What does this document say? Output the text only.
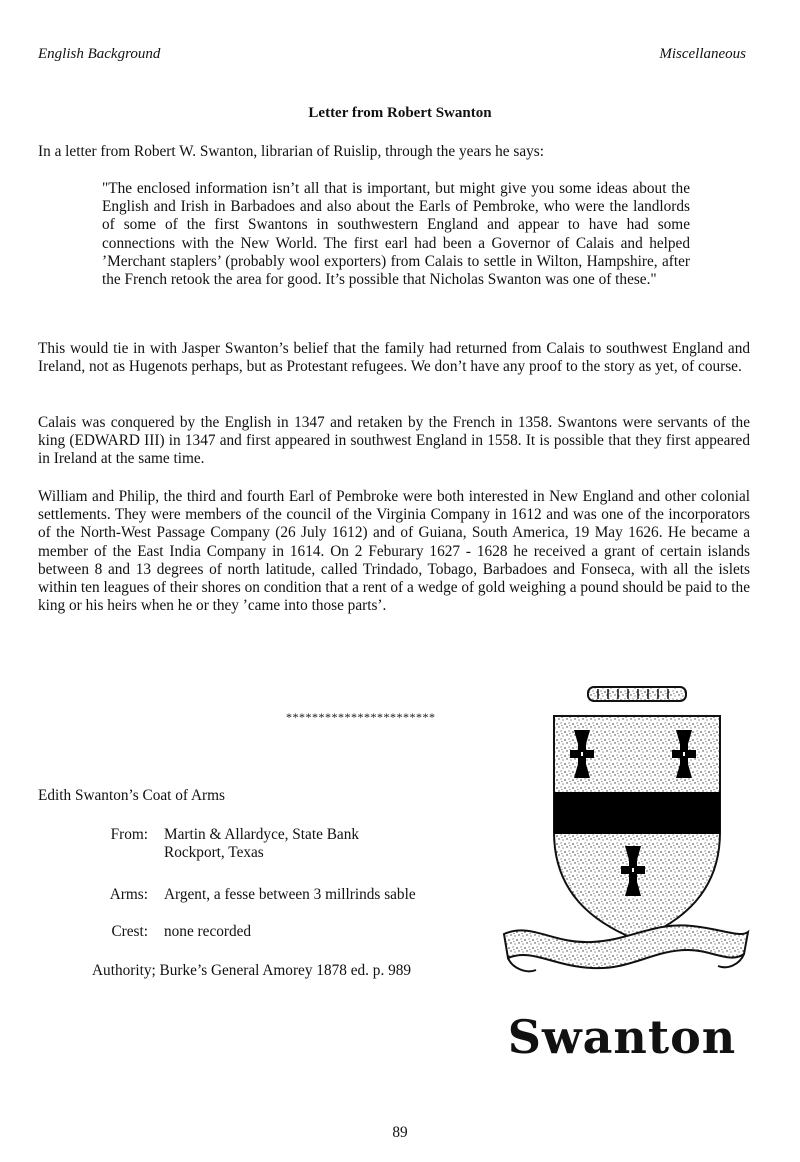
English Background	Miscellaneous
Letter from Robert Swanton
In a letter from Robert W. Swanton, librarian of Ruislip, through the years he says:
"The enclosed information isn’t all that is important, but might give you some ideas about the English and Irish in Barbadoes and also about the Earls of Pembroke, who were the landlords of some of the first Swantons in southwestern England and appear to have had some connections with the New World. The first earl had been a Governor of Calais and helped ’Merchant staplers’ (probably wool exporters) from Calais to settle in Wilton, Hampshire, after the French retook the area for good. It’s possible that Nicholas Swanton was one of these."
This would tie in with Jasper Swanton’s belief that the family had returned from Calais to southwest England and Ireland, not as Hugenots perhaps, but as Protestant refugees. We don’t have any proof to the story as yet, of course.
Calais was conquered by the English in 1347 and retaken by the French in 1358. Swantons were servants of the king (EDWARD III) in 1347 and first appeared in southwest England in 1558. It is possible that they first appeared in Ireland at the same time.
William and Philip, the third and fourth Earl of Pembroke were both interested in New England and other colonial settlements. They were members of the council of the Virginia Company in 1612 and was one of the incorporators of the North-West Passage Company (26 July 1612) and of Guiana, South America, 19 May 1626. He became a member of the East India Company in 1614. On 2 Feburary 1627 - 1628 he received a grant of certain islands between 8 and 13 degrees of north latitude, called Trindado, Tobago, Barbadoes and Fonseca, with all the islets within ten leagues of their shores on condition that a rent of a wedge of gold weighing a pound should be paid to the king or his heirs when he or they ’came into those parts’.
***********************
Edith Swanton’s Coat of Arms
From: Martin & Allardyce, State Bank
Rockport, Texas
Arms: Argent, a fesse between 3 millrinds sable
Crest: none recorded
Authority; Burke’s General Amorey 1878 ed. p. 989
Swanton
89
